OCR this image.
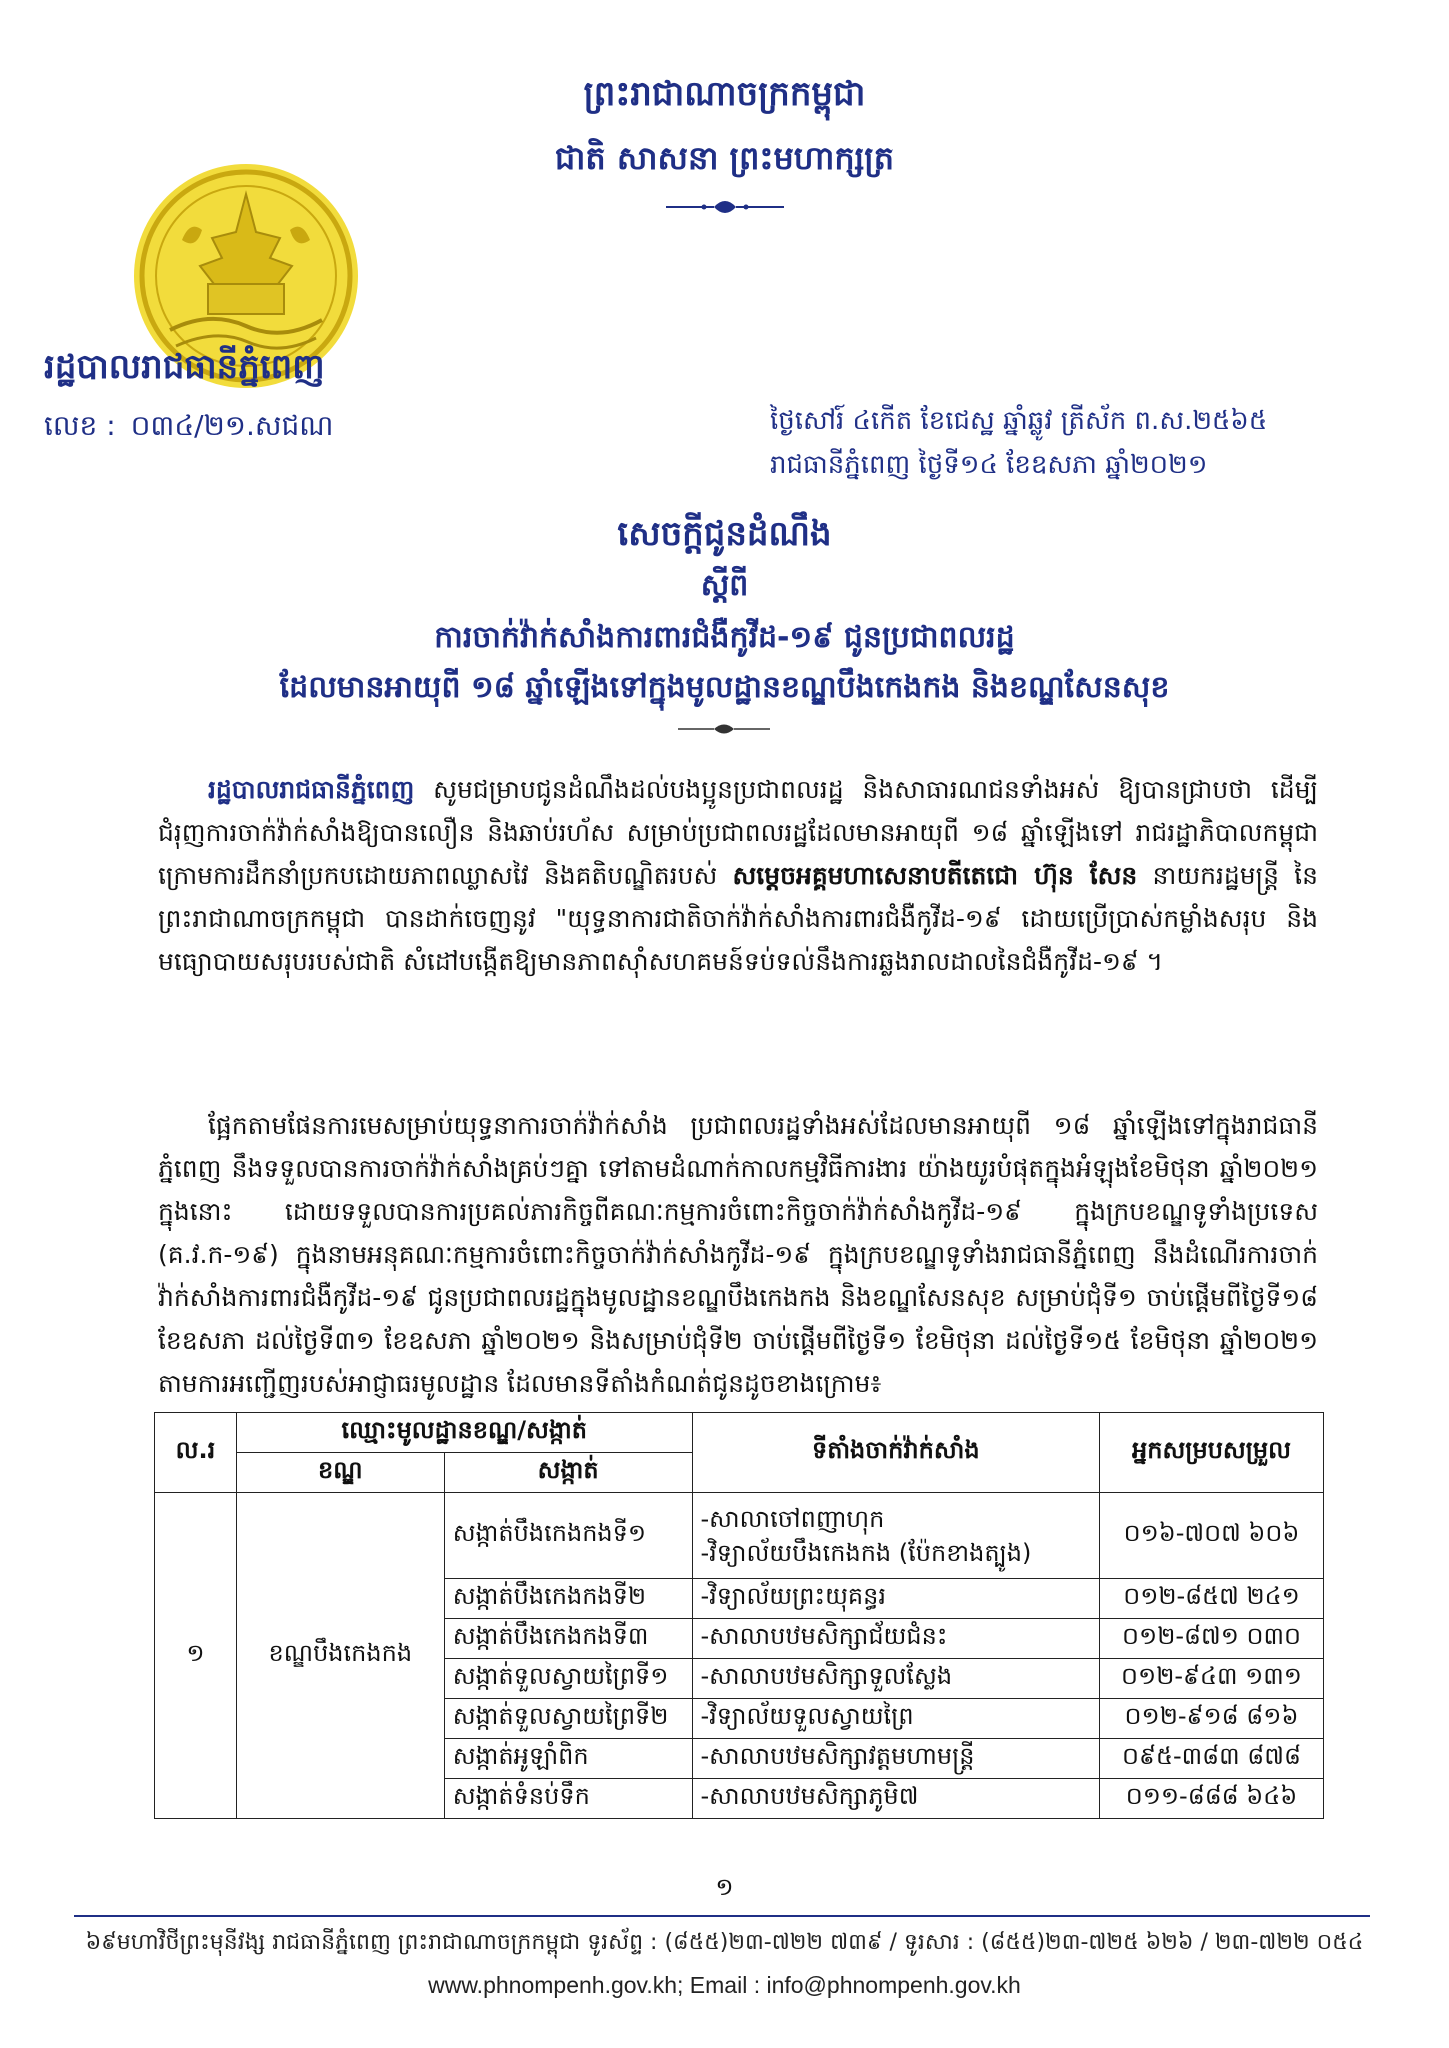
ព្រះរាជាណាចក្រកម្ពុជា
ជាតិ សាសនា ព្រះមហាក្សត្រ
រដ្ឋបាលរាជធានីភ្នំពេញ
លេខ : ០៣៤/២១.សជណ	ថ្ងៃសៅរ៍ ៤កើត ខែជេស្ឋ ឆ្នាំឆ្លូវ ត្រីស័ក ព.ស.២៥៦៥
រាជធានីភ្នំពេញ ថ្ងៃទី១៤ ខែឧសភា ឆ្នាំ២០២១
សេចក្តីជូនដំណឹង
ស្តីពី
ការចាក់វ៉ាក់សាំងការពារជំងឺកូវីដ-១៩ ជូនប្រជាពលរដ្ឋ
ដែលមានអាយុពី ១៨ ឆ្នាំឡើងទៅក្នុងមូលដ្ឋានខណ្ឌបឹងកេងកង និងខណ្ឌសែនសុខ
រដ្ឋបាលរាជធានីភ្នំពេញ សូមជម្រាបជូនដំណឹងដល់បងប្អូនប្រជាពលរដ្ឋ និងសាធារណជនទាំងអស់ ឱ្យបានជ្រាបថា ដើម្បីជំរុញការចាក់វ៉ាក់សាំងឱ្យបានលឿន និងឆាប់រហ័ស សម្រាប់ប្រជាពលរដ្ឋដែលមានអាយុពី ១៨ ឆ្នាំឡើងទៅ រាជរដ្ឋាភិបាលកម្ពុជា ក្រោមការដឹកនាំប្រកបដោយភាពឈ្លាសវៃ និងគតិបណ្ឌិតរបស់ សម្តេចអគ្គមហាសេនាបតីតេជោ ហ៊ុន សែន នាយករដ្ឋមន្ត្រី នៃព្រះរាជាណាចក្រកម្ពុជា បានដាក់ចេញនូវ "យុទ្ធនាការជាតិចាក់វ៉ាក់សាំងការពារជំងឺកូវីដ-១៩ ដោយប្រើប្រាស់កម្លាំងសរុប និងមធ្យោបាយសរុបរបស់ជាតិ សំដៅបង្កើតឱ្យមានភាពស៊ាំសហគមន៍ទប់ទល់នឹងការឆ្លងរាលដាលនៃជំងឺកូវីដ-១៩ ។
ផ្អែកតាមផែនការមេសម្រាប់យុទ្ធនាការចាក់វ៉ាក់សាំង ប្រជាពលរដ្ឋទាំងអស់ដែលមានអាយុពី ១៨ ឆ្នាំឡើងទៅក្នុងរាជធានីភ្នំពេញ នឹងទទួលបានការចាក់វ៉ាក់សាំងគ្រប់ៗគ្នា ទៅតាមដំណាក់កាលកម្មវិធីការងារ យ៉ាងយូរបំផុតក្នុងអំឡុងខែមិថុនា ឆ្នាំ២០២១ ក្នុងនោះ ដោយទទួលបានការប្រគល់ភារកិច្ចពីគណៈកម្មការចំពោះកិច្ចចាក់វ៉ាក់សាំងកូវីដ-១៩ ក្នុងក្របខណ្ឌទូទាំងប្រទេស (គ.វ.ក-១៩) ក្នុងនាមអនុគណៈកម្មការចំពោះកិច្ចចាក់វ៉ាក់សាំងកូវីដ-១៩ ក្នុងក្របខណ្ឌទូទាំងរាជធានីភ្នំពេញ នឹងដំណើរការចាក់វ៉ាក់សាំងការពារជំងឺកូវីដ-១៩ ជូនប្រជាពលរដ្ឋក្នុងមូលដ្ឋានខណ្ឌបឹងកេងកង និងខណ្ឌសែនសុខ សម្រាប់ជុំទី១ ចាប់ផ្តើមពីថ្ងៃទី១៨ ខែឧសភា ដល់ថ្ងៃទី៣១ ខែឧសភា ឆ្នាំ២០២១ និងសម្រាប់ជុំទី២ ចាប់ផ្តើមពីថ្ងៃទី១ ខែមិថុនា ដល់ថ្ងៃទី១៥ ខែមិថុនា ឆ្នាំ២០២១ តាមការអញ្ជើញរបស់អាជ្ញាធរមូលដ្ឋាន ដែលមានទីតាំងកំណត់ជូនដូចខាងក្រោម៖
ល.រ	ឈ្មោះមូលដ្ឋានខណ្ឌ/សង្កាត់		ទីតាំងចាក់វ៉ាក់សាំង	អ្នកសម្របសម្រួល
	ខណ្ឌ	សង្កាត់		
១	ខណ្ឌបឹងកេងកង	សង្កាត់បឹងកេងកងទី១	-សាលាចៅពញាហុក
-វិទ្យាល័យបឹងកេងកង (ប៉ែកខាងត្បូង)	០១៦-៧០៧ ៦០៦
		សង្កាត់បឹងកេងកងទី២	-វិទ្យាល័យព្រះយុគន្ធរ	០១២-៨៥៧ ២៤១
		សង្កាត់បឹងកេងកងទី៣	-សាលាបឋមសិក្សាជ័យជំនះ	០១២-៨៧១ ០៣០
		សង្កាត់ទួលស្វាយព្រៃទី១	-សាលាបឋមសិក្សាទួលស្លែង	០១២-៩៤៣ ១៣១
		សង្កាត់ទួលស្វាយព្រៃទី២	-វិទ្យាល័យទួលស្វាយព្រៃ	០១២-៩១៨ ៨១៦
		សង្កាត់អូឡាំពិក	-សាលាបឋមសិក្សាវត្តមហាមន្ត្រី	០៩៥-៣៨៣ ៨៧៨
		សង្កាត់ទំនប់ទឹក	-សាលាបឋមសិក្សាភូមិ៧	០១១-៨៨៨ ៦៤៦
១
៦៩មហាវិថីព្រះមុនីវង្ស រាជធានីភ្នំពេញ ព្រះរាជាណាចក្រកម្ពុជា ទូរស័ព្ទ : (៨៥៥)២៣-៧២២ ៧៣៩ / ទូរសារ : (៨៥៥)២៣-៧២៥ ៦២៦ / ២៣-៧២២ ០៥៤
www.phnompenh.gov.kh; Email : info@phnompenh.gov.kh
